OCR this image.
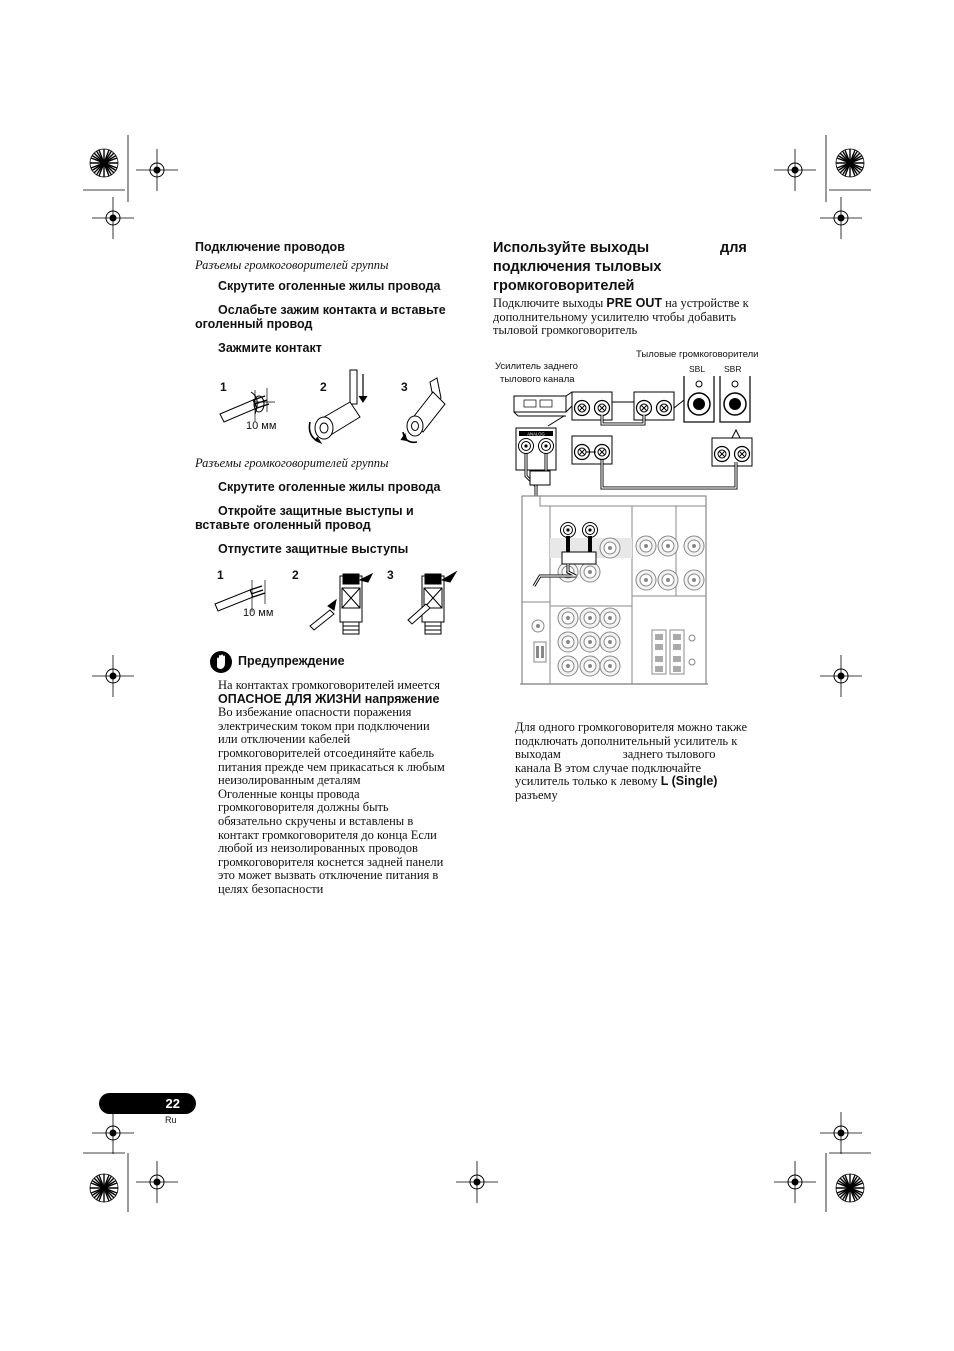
Подключение проводов
Разъемы громкоговорителей группы
Скрутите оголенные жилы провода
Ослабьте зажим контакта и вставьте
оголенный провод
Зажмите контакт
1	2	3
10 мм
Разъемы громкоговорителей группы
Скрутите оголенные жилы провода
Откройте защитные выступы и
вставьте оголенный провод
Отпустите защитные выступы
1	2	3
10 мм
Предупреждение
На контактах громкоговорителей имеется
ОПАСНОЕ ДЛЯ ЖИЗНИ напряжение
Во избежание опасности поражения
электрическим током при подключении
или отключении кабелей
громкоговорителей отсоединяйте кабель
питания прежде чем прикасаться к любым
неизолированным деталям
Оголенные концы провода
громкоговорителя должны быть
обязательно скручены и вставлены в
контакт громкоговорителя до конца Если
любой из неизолированных проводов
громкоговорителя коснется задней панели
это может вызвать отключение питания в
целях безопасности
Используйте выходы	для
подключения тыловых
громкоговорителей
Подключите выходы PRE OUT на устройстве к
дополнительному усилителю чтобы добавить
тыловой громкоговоритель
Усилитель заднего
тылового канала
Тыловые громкоговорители
SBL SBR
ANALOG
Для одного громкоговорителя можно также
подключать дополнительный усилитель к
выходам	заднего тылового
канала В этом случае подключайте
усилитель только к левому L (Single)
разъему
22
Ru
